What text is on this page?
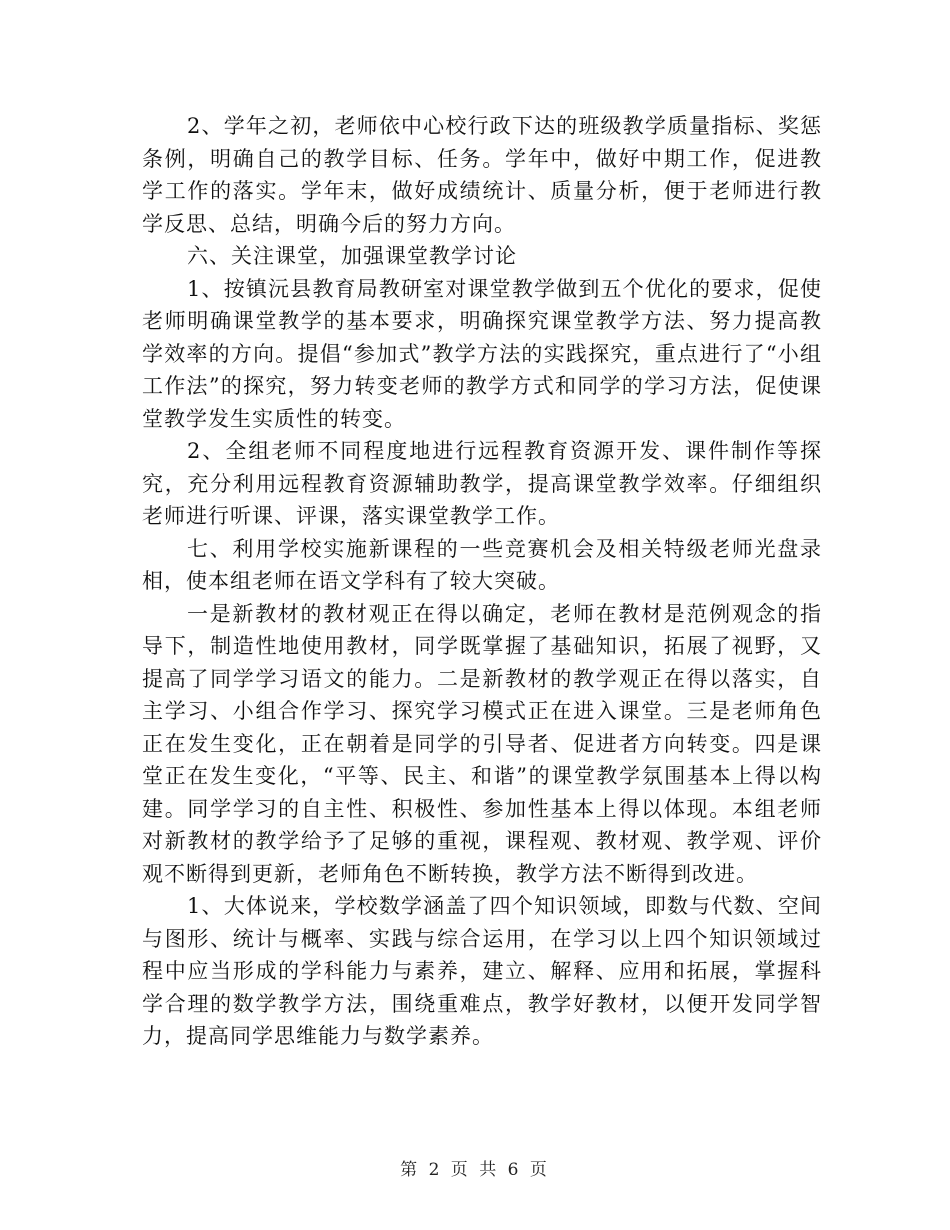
2、学年之初，老师依中心校行政下达的班级教学质量指标、奖惩条例，明确自己的教学目标、任务。学年中，做好中期工作，促进教学工作的落实。学年末，做好成绩统计、质量分析，便于老师进行教学反思、总结，明确今后的努力方向。

六、关注课堂，加强课堂教学讨论

1、按镇沅县教育局教研室对课堂教学做到五个优化的要求，促使老师明确课堂教学的基本要求，明确探究课堂教学方法、努力提高教学效率的方向。提倡“参加式”教学方法的实践探究，重点进行了“小组工作法”的探究，努力转变老师的教学方式和同学的学习方法，促使课堂教学发生实质性的转变。

2、全组老师不同程度地进行远程教育资源开发、课件制作等探究，充分利用远程教育资源辅助教学，提高课堂教学效率。仔细组织老师进行听课、评课，落实课堂教学工作。

七、利用学校实施新课程的一些竞赛机会及相关特级老师光盘录相，使本组老师在语文学科有了较大突破。

一是新教材的教材观正在得以确定，老师在教材是范例观念的指导下，制造性地使用教材，同学既掌握了基础知识，拓展了视野，又提高了同学学习语文的能力。二是新教材的教学观正在得以落实，自主学习、小组合作学习、探究学习模式正在进入课堂。三是老师角色正在发生变化，正在朝着是同学的引导者、促进者方向转变。四是课堂正在发生变化，“平等、民主、和谐”的课堂教学氛围基本上得以构建。同学学习的自主性、积极性、参加性基本上得以体现。本组老师对新教材的教学给予了足够的重视，课程观、教材观、教学观、评价观不断得到更新，老师角色不断转换，教学方法不断得到改进。

1、大体说来，学校数学涵盖了四个知识领域，即数与代数、空间与图形、统计与概率、实践与综合运用，在学习以上四个知识领域过程中应当形成的学科能力与素养，建立、解释、应用和拓展，掌握科学合理的数学教学方法，围绕重难点，教学好教材，以便开发同学智力，提高同学思维能力与数学素养。

第 2 页 共 6 页
